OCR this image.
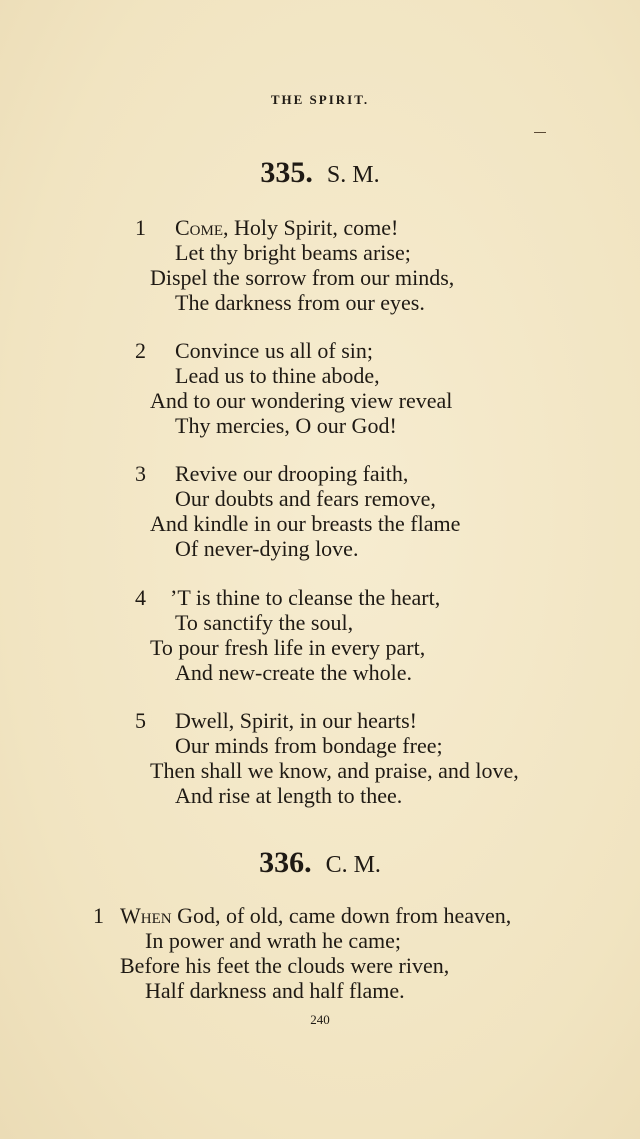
THE SPIRIT.
335. S. M.
1 Come, Holy Spirit, come!
Let thy bright beams arise;
Dispel the sorrow from our minds,
The darkness from our eyes.
2 Convince us all of sin;
Lead us to thine abode,
And to our wondering view reveal
Thy mercies, O our God!
3 Revive our drooping faith,
Our doubts and fears remove,
And kindle in our breasts the flame
Of never-dying love.
4 ’T is thine to cleanse the heart,
To sanctify the soul,
To pour fresh life in every part,
And new-create the whole.
5 Dwell, Spirit, in our hearts!
Our minds from bondage free;
Then shall we know, and praise, and love,
And rise at length to thee.
336. C. M.
1 When God, of old, came down from heaven,
In power and wrath he came;
Before his feet the clouds were riven,
Half darkness and half flame.
240
